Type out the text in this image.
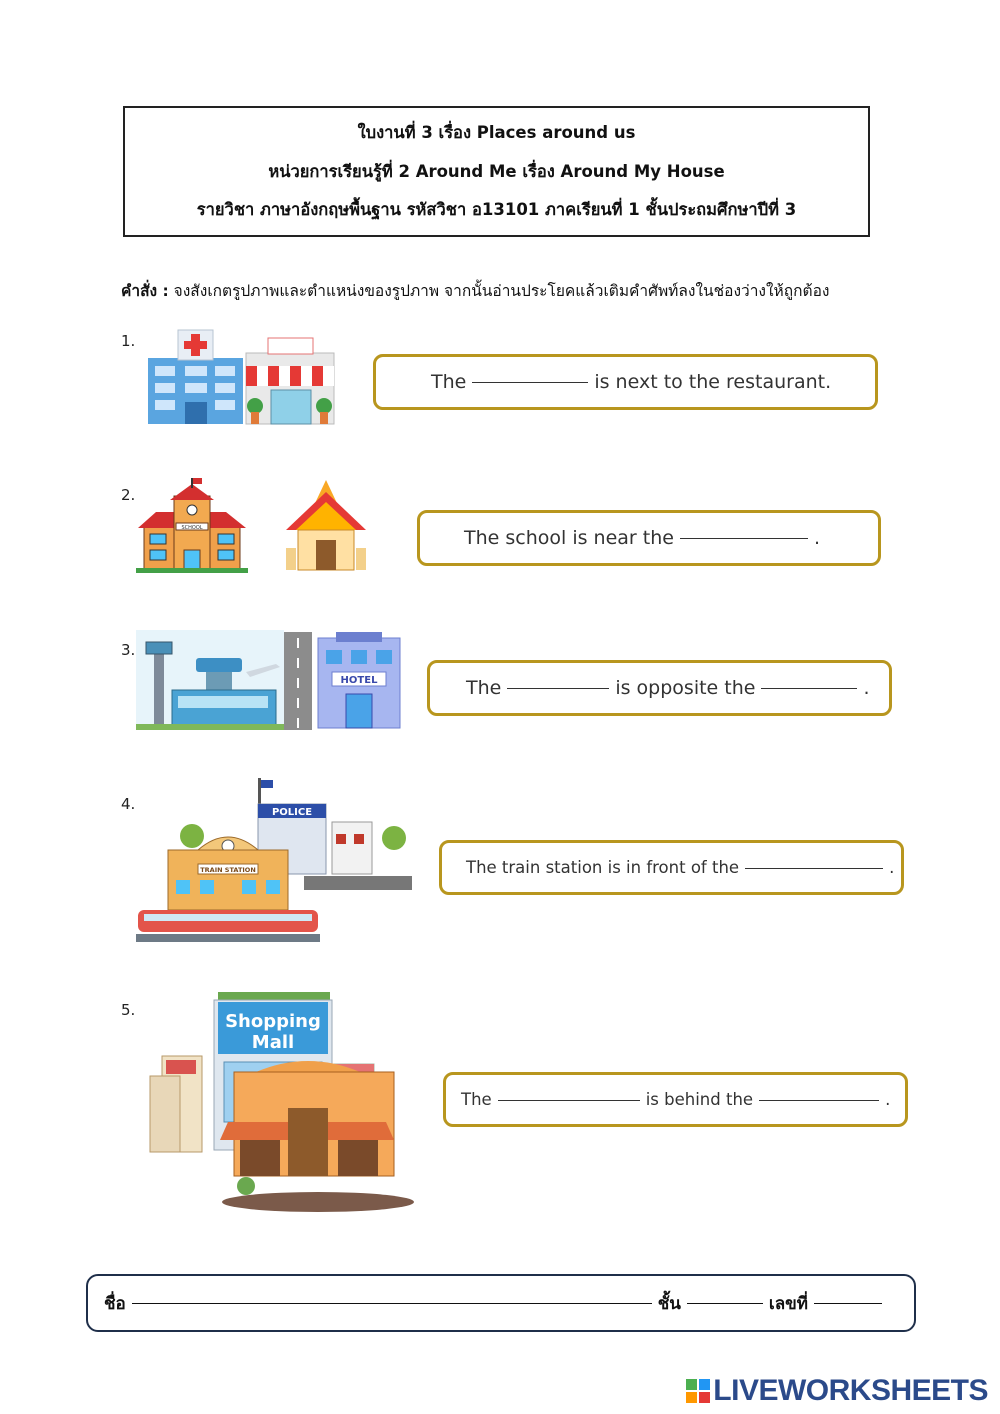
ใบงานที่ 3 เรื่อง Places around us
หน่วยการเรียนรู้ที่ 2 Around Me เรื่อง Around My House
รายวิชา ภาษาอังกฤษพื้นฐาน รหัสวิชา อ13101 ภาคเรียนที่ 1 ชั้นประถมศึกษาปีที่ 3
คำสั่ง : จงสังเกตรูปภาพและตำแหน่งของรูปภาพ จากนั้นอ่านประโยคแล้วเติมคำศัพท์ลงในช่องว่างให้ถูกต้อง
1.
The	is next to the restaurant.
2.
SCHOOL	The school is near the	.
3.
HOTEL	The	is opposite the	.
4.	POLICE
TRAIN STATION	The train station is in front of the	.
5.
Shopping
Mall
The	is behind the	.
ชื่อ	ชั้น	เลขที่
LIVEWORKSHEETS
